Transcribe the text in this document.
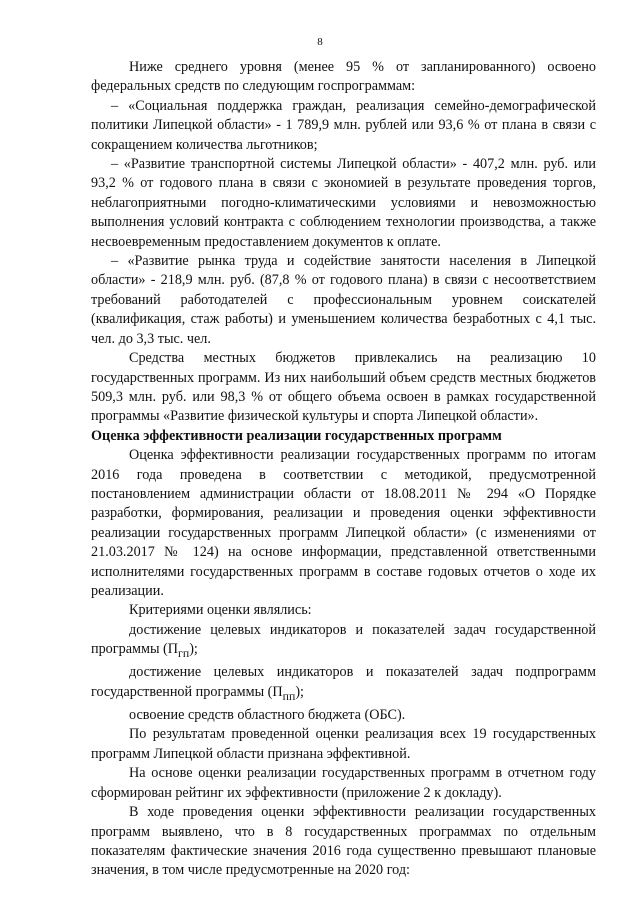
8

Ниже среднего уровня (менее 95 % от запланированного) освоено федеральных средств по следующим госпрограммам:

– «Социальная поддержка граждан, реализация семейно-демографической политики Липецкой области» - 1 789,9 млн. рублей или 93,6 % от плана в связи с сокращением количества льготников;

– «Развитие транспортной системы Липецкой области» - 407,2 млн. руб. или 93,2 % от годового плана в связи с экономией в результате проведения торгов, неблагоприятными погодно-климатическими условиями и невозможностью выполнения условий контракта с соблюдением технологии производства, а также несвоевременным предоставлением документов к оплате.

– «Развитие рынка труда и содействие занятости населения в Липецкой области» - 218,9 млн. руб. (87,8 % от годового плана) в связи с несоответствием требований работодателей с профессиональным уровнем соискателей (квалификация, стаж работы) и уменьшением количества безработных с 4,1 тыс. чел. до 3,3 тыс. чел.

Средства местных бюджетов привлекались на реализацию 10 государственных программ. Из них наибольший объем средств местных бюджетов 509,3 млн. руб. или 98,3 % от общего объема освоен в рамках государственной программы «Развитие физической культуры и спорта Липецкой области».

Оценка эффективности реализации государственных программ

Оценка эффективности реализации государственных программ по итогам 2016 года проведена в соответствии с методикой, предусмотренной постановлением администрации области от 18.08.2011 № 294 «О Порядке разработки, формирования, реализации и проведения оценки эффективности реализации государственных программ Липецкой области» (с изменениями от 21.03.2017 № 124) на основе информации, представленной ответственными исполнителями государственных программ в составе годовых отчетов о ходе их реализации.

Критериями оценки являлись:

достижение целевых индикаторов и показателей задач государственной программы $(П_{гп})$;

достижение целевых индикаторов и показателей задач подпрограмм государственной программы $(П_{пп})$;

освоение средств областного бюджета (ОБС).

По результатам проведенной оценки реализация всех 19 государственных программ Липецкой области признана эффективной.

На основе оценки реализации государственных программ в отчетном году сформирован рейтинг их эффективности (приложение 2 к докладу).

В ходе проведения оценки эффективности реализации государственных программ выявлено, что в 8 государственных программах по отдельным показателям фактические значения 2016 года существенно превышают плановые значения, в том числе предусмотренные на 2020 год:
